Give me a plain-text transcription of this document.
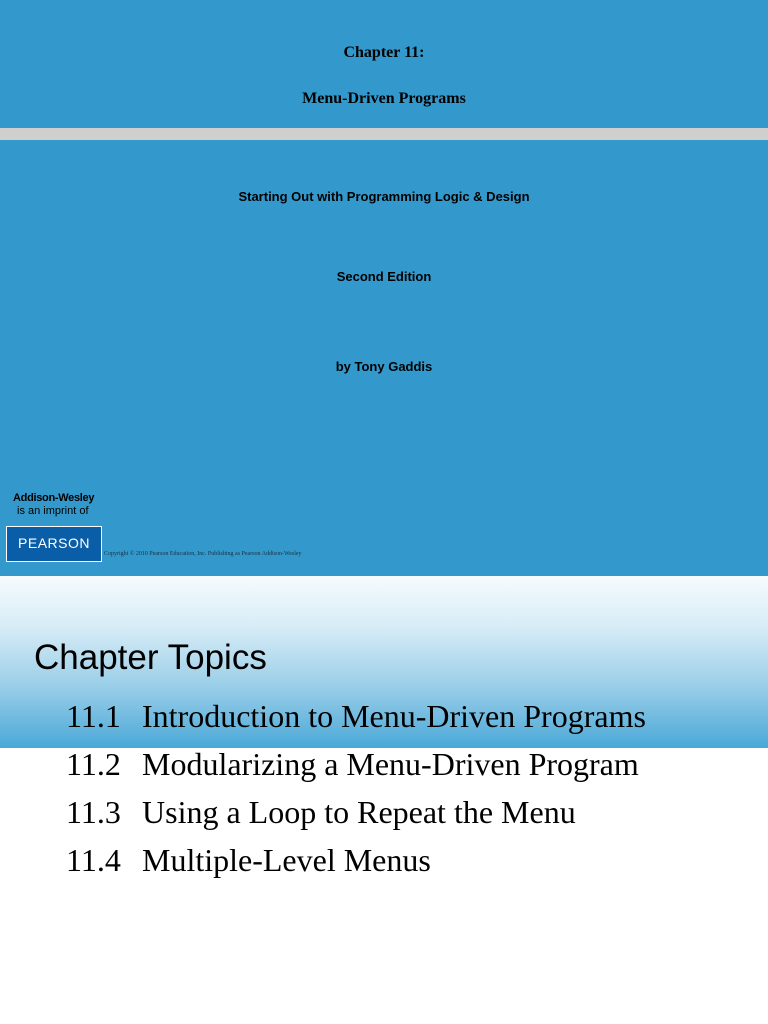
Chapter 11:

Menu-Driven Programs

Starting Out with Programming Logic & Design

Second Edition

by Tony Gaddis

Addison-Wesley
is an imprint of
PEARSON
Copyright © 2010 Pearson Education, Inc. Publishing as Pearson Addison-Wesley
Chapter Topics
11.1 Introduction to Menu-Driven Programs
11.2 Modularizing a Menu-Driven Program
11.3 Using a Loop to Repeat the Menu
11.4 Multiple-Level Menus
